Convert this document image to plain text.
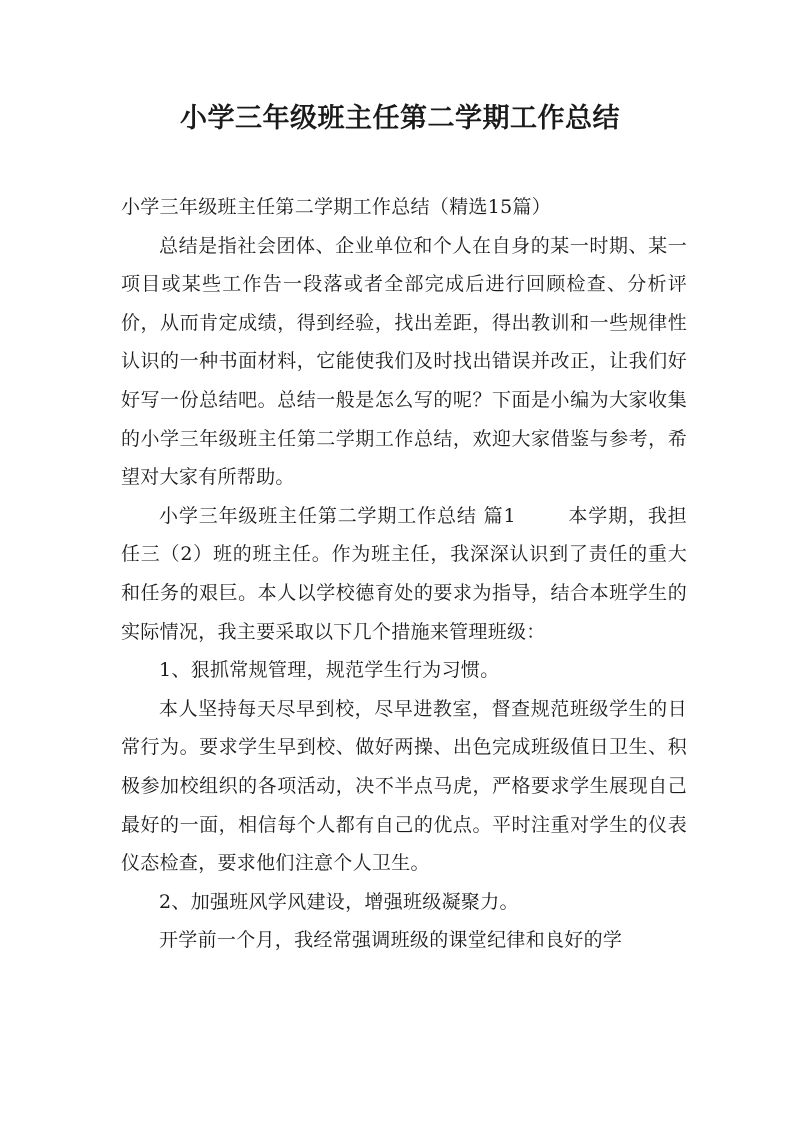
小学三年级班主任第二学期工作总结

小学三年级班主任第二学期工作总结（精选15篇）

总结是指社会团体、企业单位和个人在自身的某一时期、某一项目或某些工作告一段落或者全部完成后进行回顾检查、分析评价，从而肯定成绩，得到经验，找出差距，得出教训和一些规律性认识的一种书面材料，它能使我们及时找出错误并改正，让我们好好写一份总结吧。总结一般是怎么写的呢？下面是小编为大家收集的小学三年级班主任第二学期工作总结，欢迎大家借鉴与参考，希望对大家有所帮助。

小学三年级班主任第二学期工作总结 篇1	本学期，我担任三（2）班的班主任。作为班主任，我深深认识到了责任的重大和任务的艰巨。本人以学校德育处的要求为指导，结合本班学生的实际情况，我主要采取以下几个措施来管理班级：

1、狠抓常规管理，规范学生行为习惯。

本人坚持每天尽早到校，尽早进教室，督查规范班级学生的日常行为。要求学生早到校、做好两操、出色完成班级值日卫生、积极参加校组织的各项活动，决不半点马虎，严格要求学生展现自己最好的一面，相信每个人都有自己的优点。平时注重对学生的仪表仪态检查，要求他们注意个人卫生。

2、加强班风学风建设，增强班级凝聚力。

开学前一个月，我经常强调班级的课堂纪律和良好的学
